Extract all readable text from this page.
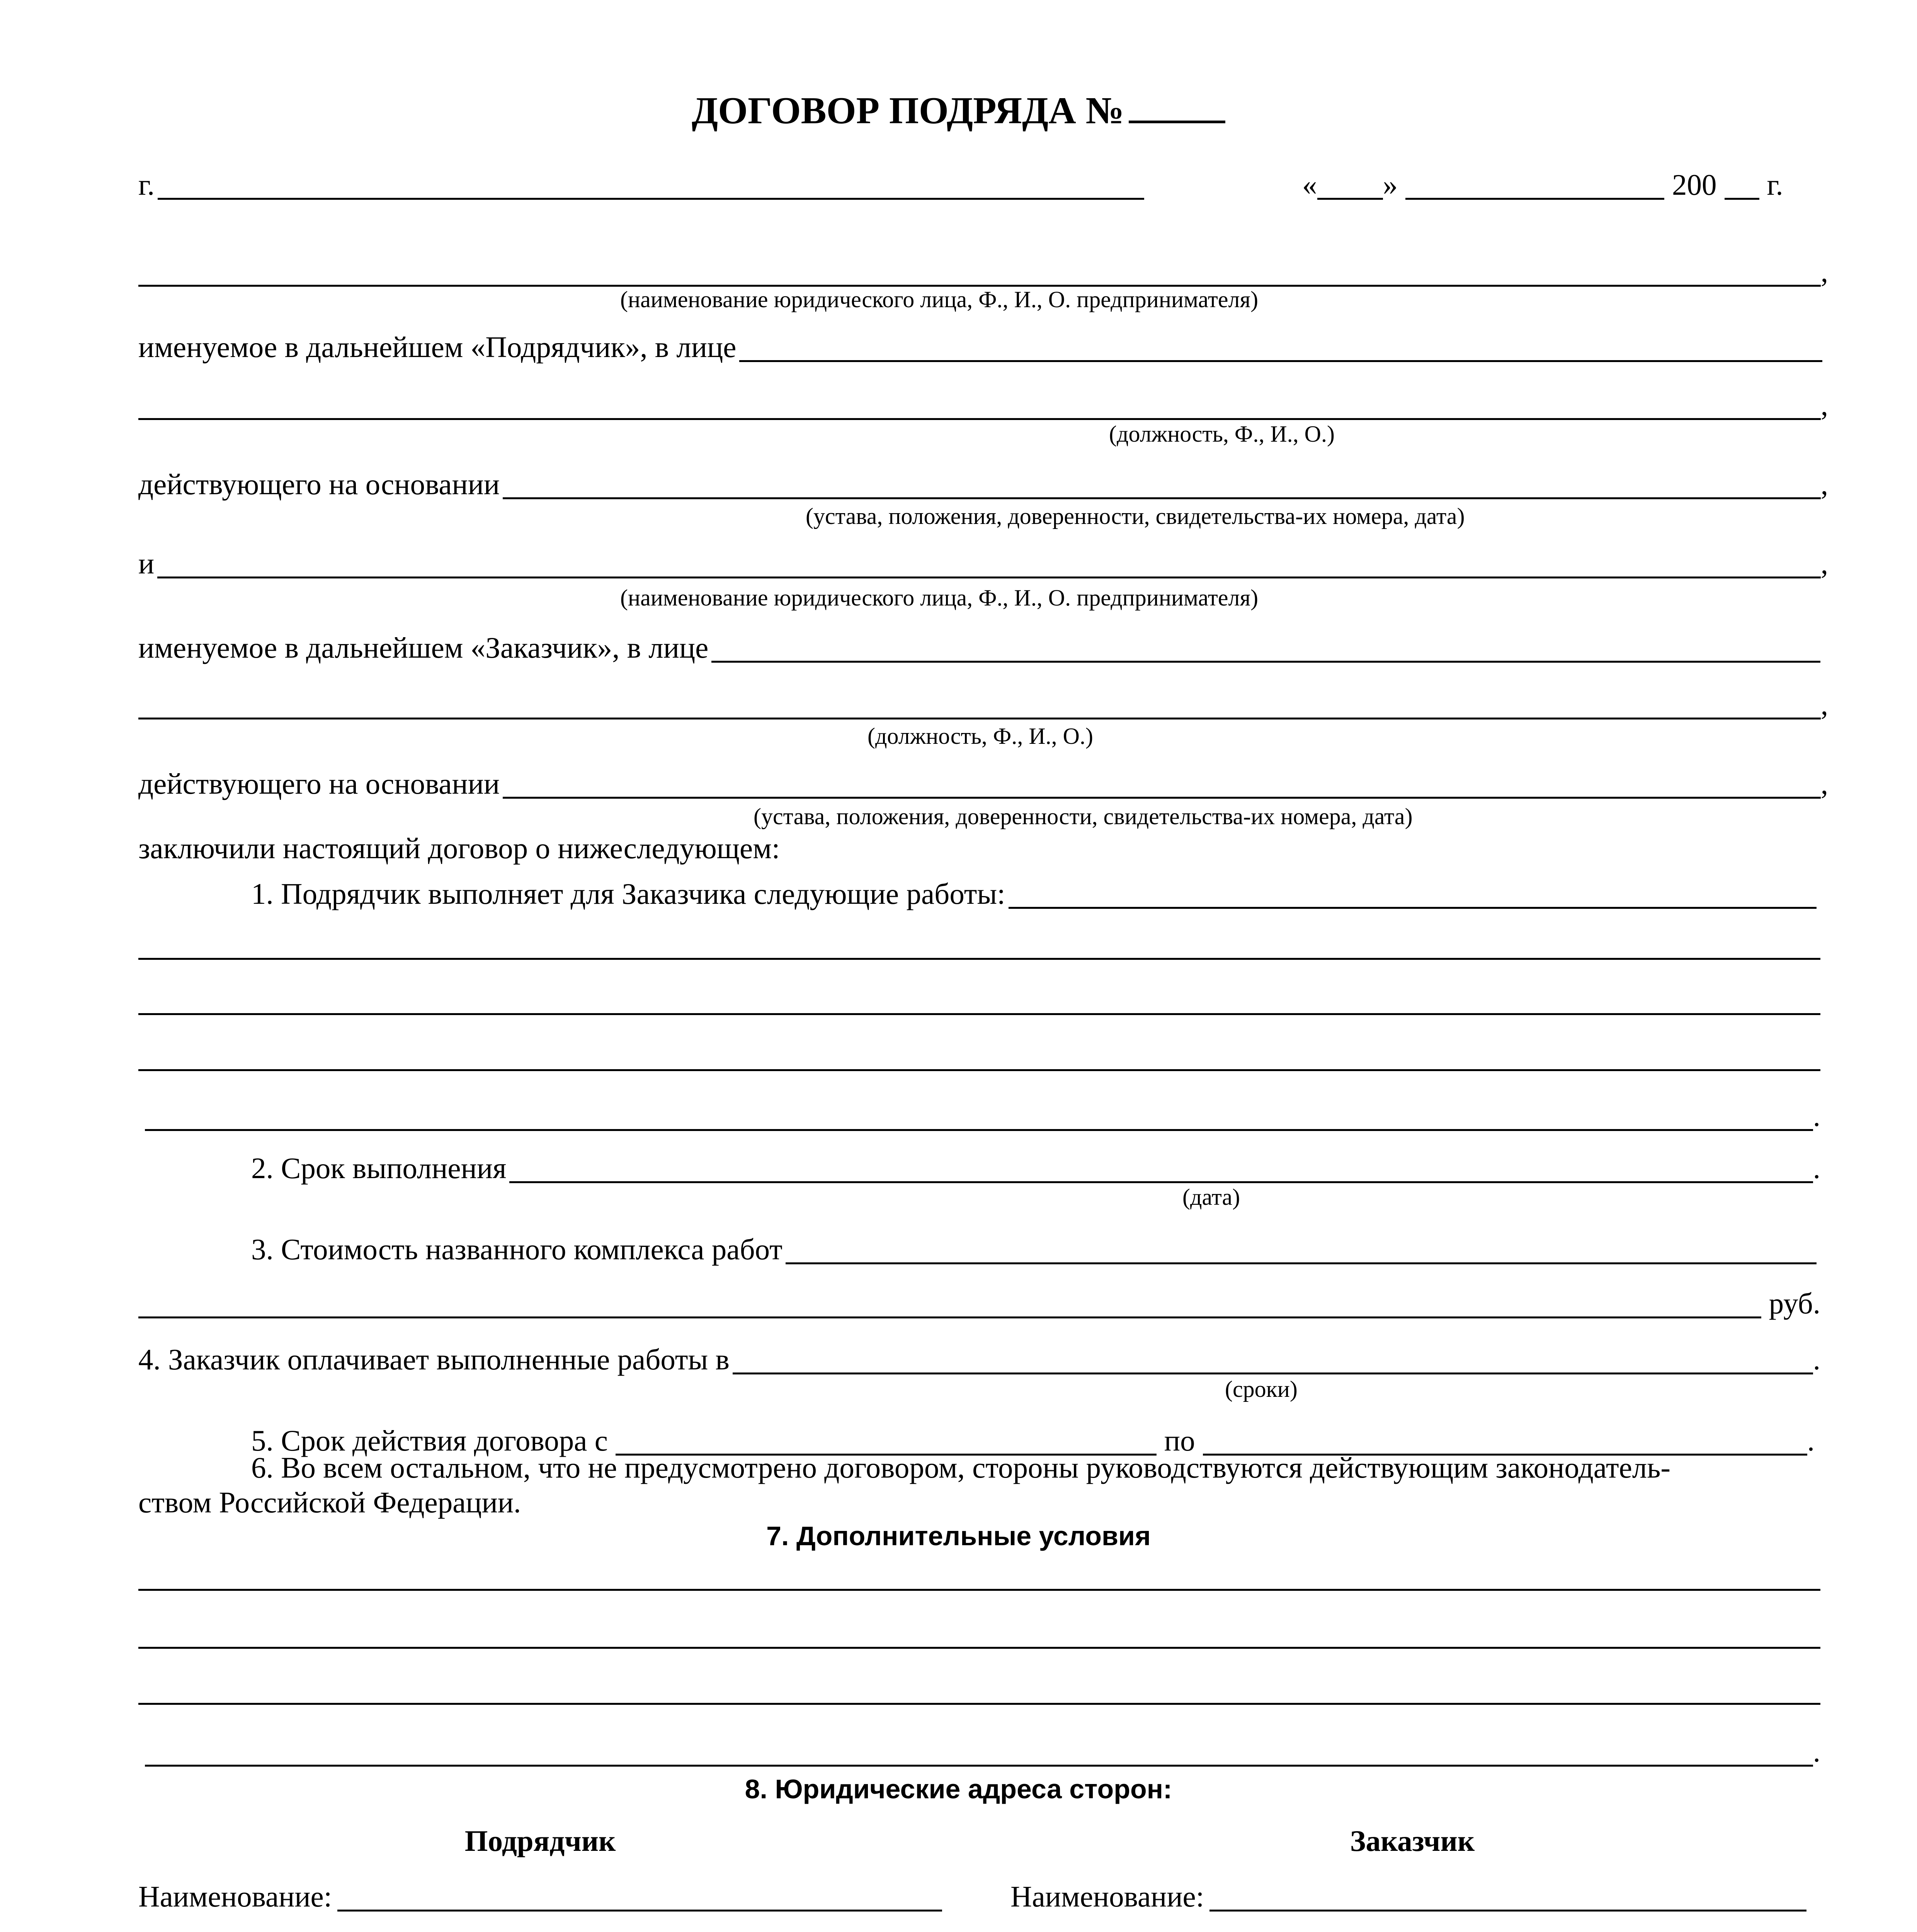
ДОГОВОР ПОДРЯДА №
г.	« »	200 г.
,
(наименование юридического лица, Ф., И., О. предпринимателя)
именуемое в дальнейшем «Подрядчик», в лице
,
(должность, Ф., И., О.)
действующего на основании	,
(устава, положения, доверенности, свидетельства-их номера, дата)
и	,
(наименование юридического лица, Ф., И., О. предпринимателя)
именуемое в дальнейшем «Заказчик», в лице
,
(должность, Ф., И., О.)
действующего на основании	,
(устава, положения, доверенности, свидетельства-их номера, дата)
заключили настоящий договор о нижеследующем:
1. Подрядчик выполняет для Заказчика следующие работы:
.
2. Срок выполнения	.
(дата)
3. Стоимость названного комплекса работ
руб.
4. Заказчик оплачивает выполненные работы в	.
(сроки)
5. Срок действия договора с	по	.
6. Во всем остальном, что не предусмотрено договором, стороны руководствуются действующим законодатель-
ством Российской Федерации.
7. Дополнительные условия
.
8. Юридические адреса сторон:
Подрядчик
Наименование:
Заказчик
Наименование:
